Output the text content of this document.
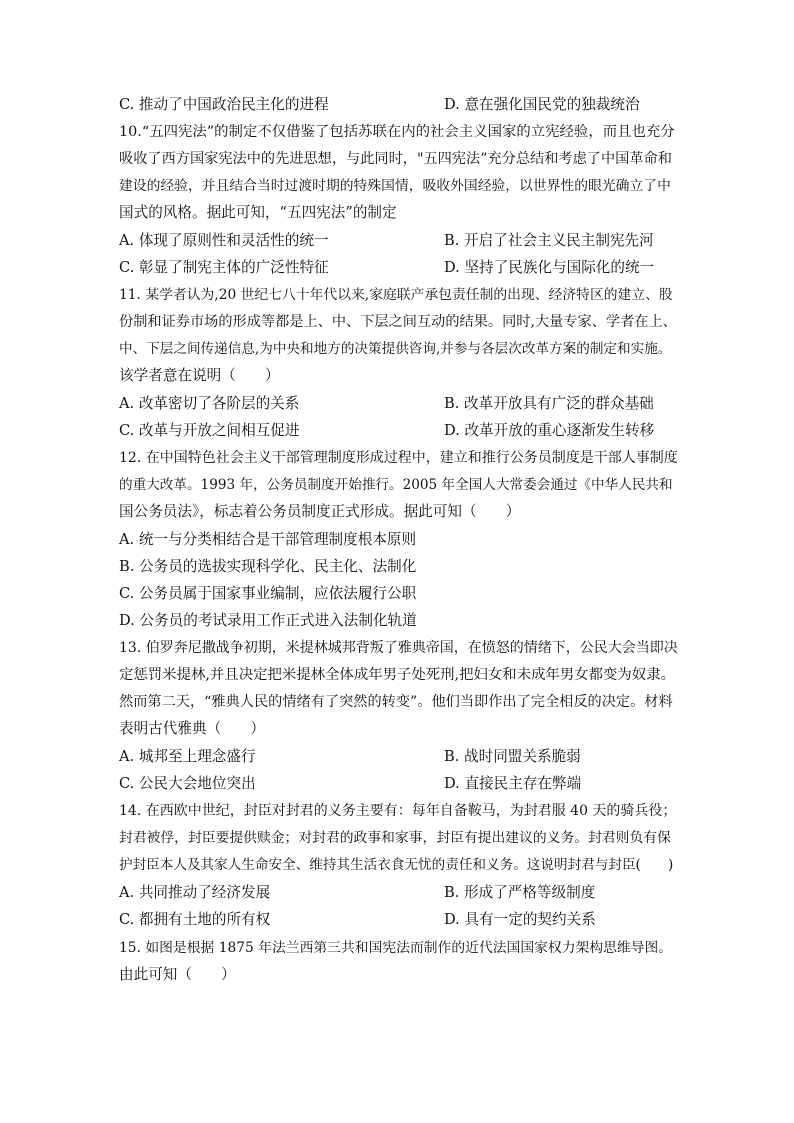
C. 推动了中国政治民主化的进程	D. 意在强化国民党的独裁统治
10.“五四宪法”的制定不仅借鉴了包括苏联在内的社会主义国家的立宪经验，而且也充分
吸收了西方国家宪法中的先进思想，与此同时，"五四宪法”充分总结和考虑了中国革命和
建设的经验，并且结合当时过渡时期的特殊国情，吸收外国经验，以世界性的眼光确立了中
国式的风格。据此可知，“五四宪法”的制定
A. 体现了原则性和灵活性的统一	B. 开启了社会主义民主制宪先河
C. 彰显了制宪主体的广泛性特征	D. 坚持了民族化与国际化的统一
11. 某学者认为,20 世纪七八十年代以来,家庭联产承包责任制的出现、经济特区的建立、股
份制和证券市场的形成等都是上、中、下层之间互动的结果。同时,大量专家、学者在上、
中、下层之间传递信息,为中央和地方的决策提供咨询,并参与各层次改革方案的制定和实施。
该学者意在说明（　　）
A. 改革密切了各阶层的关系	B. 改革开放具有广泛的群众基础
C. 改革与开放之间相互促进	D. 改革开放的重心逐渐发生转移
12. 在中国特色社会主义干部管理制度形成过程中，建立和推行公务员制度是干部人事制度
的重大改革。1993 年，公务员制度开始推行。2005 年全国人大常委会通过《中华人民共和
国公务员法》，标志着公务员制度正式形成。据此可知（　　）
A. 统一与分类相结合是干部管理制度根本原则
B. 公务员的选拔实现科学化、民主化、法制化
C. 公务员属于国家事业编制，应依法履行公职
D. 公务员的考试录用工作正式进入法制化轨道
13. 伯罗奔尼撒战争初期，米提林城邦背叛了雅典帝国，在愤怒的情绪下，公民大会当即决
定惩罚米提林,并且决定把米提林全体成年男子处死刑,把妇女和未成年男女都变为奴隶。
然而第二天，“雅典人民的情绪有了突然的转变”。他们当即作出了完全相反的决定。材料
表明古代雅典（　　）
A. 城邦至上理念盛行	B. 战时同盟关系脆弱
C. 公民大会地位突出	D. 直接民主存在弊端
14. 在西欧中世纪，封臣对封君的义务主要有：每年自备鞍马，为封君服 40 天的骑兵役；
封君被俘，封臣要提供赎金；对封君的政事和家事，封臣有提出建议的义务。封君则负有保
护封臣本人及其家人生命安全、维持其生活衣食无忧的责任和义务。这说明封君与封臣(　　)
A. 共同推动了经济发展	B. 形成了严格等级制度
C. 都拥有土地的所有权	D. 具有一定的契约关系
15. 如图是根据 1875 年法兰西第三共和国宪法而制作的近代法国国家权力架构思维导图。
由此可知（　　）
